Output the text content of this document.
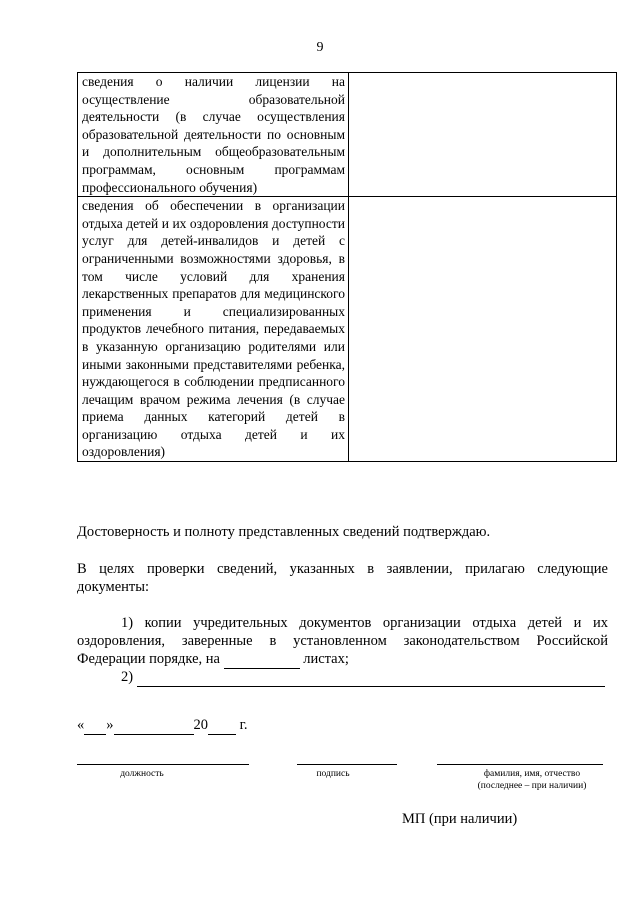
9
сведения о наличии лицензии на осуществление образовательной деятельности (в случае осуществления образовательной деятельности по основным и дополнительным общеобразовательным программам, основным программам профессионального обучения)	
сведения об обеспечении в организации отдыха детей и их оздоровления доступности услуг для детей-инвалидов и детей с ограниченными возможностями здоровья, в том числе условий для хранения лекарственных препаратов для медицинского применения и специализированных продуктов лечебного питания, передаваемых в указанную организацию родителями или иными законными представителями ребенка, нуждающегося в соблюдении предписанного лечащим врачом режима лечения (в случае приема данных категорий детей в организацию отдыха детей и их оздоровления)	
Достоверность и полноту представленных сведений подтверждаю.
В целях проверки сведений, указанных в заявлении, прилагаю следующие документы:
1) копии учредительных документов организации отдыха детей и их оздоровления, заверенные в установленном законодательством Российской Федерации порядке, на	листах;
2)
« »	20 г.
должность	подпись	фамилия, имя, отчество
(последнее – при наличии)
МП (при наличии)
